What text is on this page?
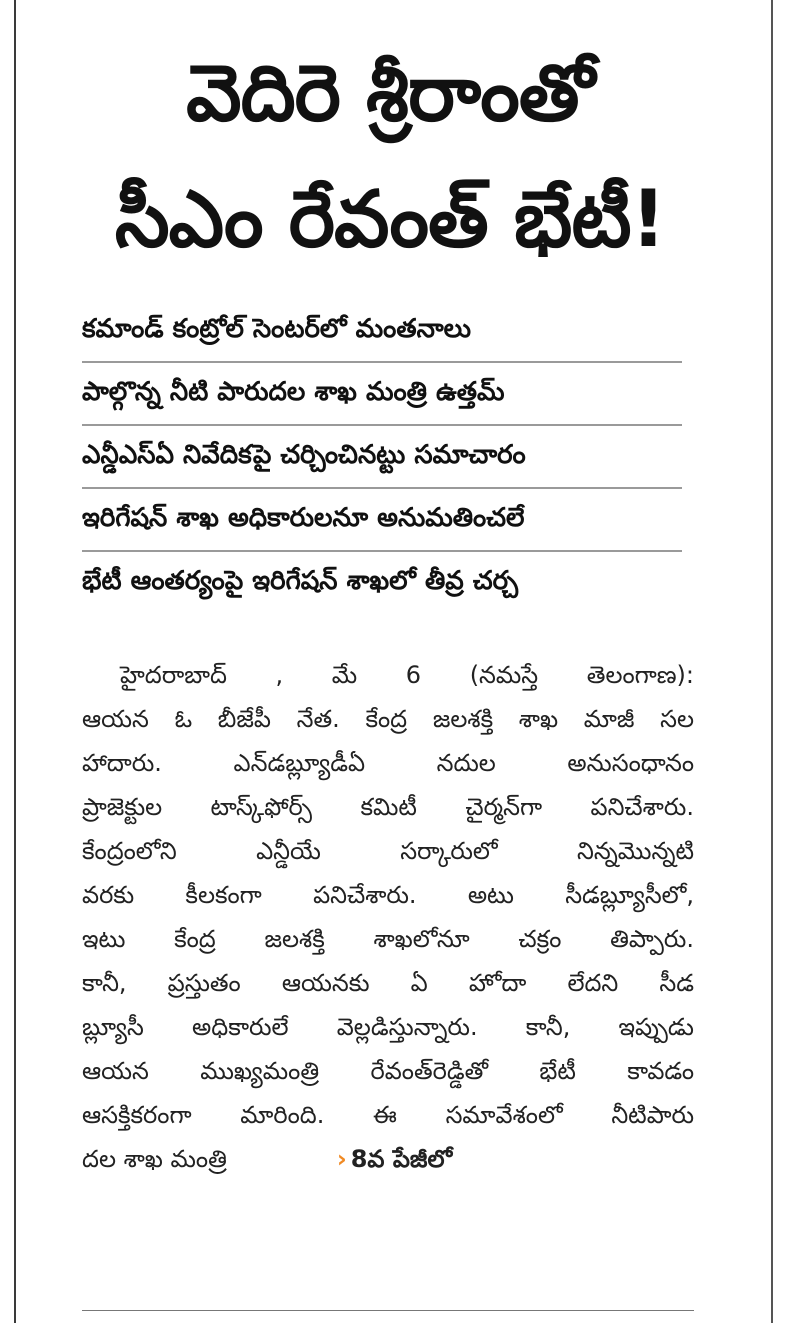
వెదిరె శ్రీరాంతో
సీఎం రేవంత్ భేటీ!
కమాండ్ కంట్రోల్ సెంటర్‌లో మంతనాలు
పాల్గొన్న నీటి పారుదల శాఖ మంత్రి ఉత్తమ్
ఎన్డీఎస్ఏ నివేదికపై చర్చించినట్టు సమాచారం
ఇరిగేషన్ శాఖ అధికారులనూ అనుమతించలే
భేటీ ఆంతర్యంపై ఇరిగేషన్ శాఖలో తీవ్ర చర్చ
హైదరాబాద్ , మే 6 (నమస్తే తెలంగాణ):
ఆయన ఓ బీజేపీ నేత. కేంద్ర జలశక్తి శాఖ మాజీ సల
హాదారు. ఎన్‌డబ్ల్యూడీఏ నదుల అనుసంధానం
ప్రాజెక్టుల టాస్క్‌ఫోర్స్ కమిటీ చైర్మన్‌గా పనిచేశారు.
కేంద్రంలోని ఎన్డీయే సర్కారులో నిన్నమొన్నటి
వరకు కీలకంగా పనిచేశారు. అటు సీడబ్ల్యూసీలో,
ఇటు కేంద్ర జలశక్తి శాఖలోనూ చక్రం తిప్పారు.
కానీ, ప్రస్తుతం ఆయనకు ఏ హోదా లేదని సీడ
బ్ల్యూసీ అధికారులే వెల్లడిస్తున్నారు. కానీ, ఇప్పుడు
ఆయన ముఖ్యమంత్రి రేవంత్‌రెడ్డితో భేటీ కావడం
ఆసక్తికరంగా మారింది. ఈ సమావేశంలో నీటిపారు
దల శాఖ మంత్రి	› 8వ పేజీలో
